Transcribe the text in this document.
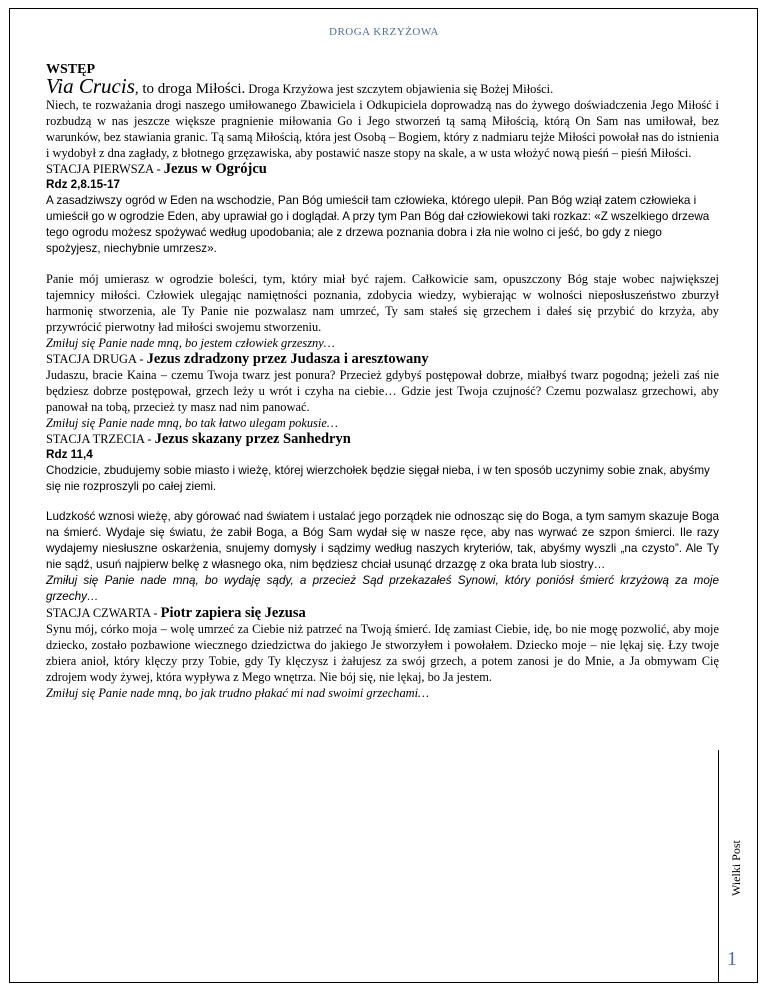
DROGA KRZYŻOWA

WSTĘP

Via Crucis, to droga Miłości. Droga Krzyżowa jest szczytem objawienia się Bożej Miłości.

Niech, te rozważania drogi naszego umiłowanego Zbawiciela i Odkupiciela doprowadzą nas do żywego doświadczenia Jego Miłość i rozbudzą w nas jeszcze większe pragnienie miłowania Go i Jego stworzeń tą samą Miłością, którą On Sam nas umiłował, bez warunków, bez stawiania granic. Tą samą Miłością, która jest Osobą – Bogiem, który z nadmiaru tejże Miłości powołał nas do istnienia i wydobył z dna zagłady, z błotnego grzęzawiska, aby postawić nasze stopy na skale, a w usta włożyć nową pieśń – pieśń Miłości.

STACJA PIERWSZA - Jezus w Ogrójcu

Rdz 2,8.15-17

A zasadziwszy ogród w Eden na wschodzie, Pan Bóg umieścił tam człowieka, którego ulepił. Pan Bóg wziął zatem człowieka i umieścił go w ogrodzie Eden, aby uprawiał go i doglądał. A przy tym Pan Bóg dał człowiekowi taki rozkaz: «Z wszelkiego drzewa tego ogrodu możesz spożywać według upodobania; ale z drzewa poznania dobra i zła nie wolno ci jeść, bo gdy z niego spożyjesz, niechybnie umrzesz».

Panie mój umierasz w ogrodzie boleści, tym, który miał być rajem. Całkowicie sam, opuszczony Bóg staje wobec największej tajemnicy miłości. Człowiek ulegając namiętności poznania, zdobycia wiedzy, wybierając w wolności nieposłuszeństwo zburzył harmonię stworzenia, ale Ty Panie nie pozwalasz nam umrzeć, Ty sam stałeś się grzechem i dałeś się przybić do krzyża, aby przywrócić pierwotny ład miłości swojemu stworzeniu.

Zmiłuj się Panie nade mną, bo jestem człowiek grzeszny…

STACJA DRUGA - Jezus zdradzony przez Judasza i aresztowany

Judaszu, bracie Kaina – czemu Twoja twarz jest ponura? Przecież gdybyś postępował dobrze, miałbyś twarz pogodną; jeżeli zaś nie będziesz dobrze postępował, grzech leży u wrót i czyha na ciebie… Gdzie jest Twoja czujność? Czemu pozwalasz grzechowi, aby panował na tobą, przecież ty masz nad nim panować.

Zmiłuj się Panie nade mną, bo tak łatwo ulegam pokusie…

STACJA TRZECIA - Jezus skazany przez Sanhedryn

Rdz 11,4

Chodzicie, zbudujemy sobie miasto i wieżę, której wierzchołek będzie sięgał nieba, i w ten sposób uczynimy sobie znak, abyśmy się nie rozproszyli po całej ziemi.

Ludzkość wznosi wieżę, aby górować nad światem i ustalać jego porządek nie odnosząc się do Boga, a tym samym skazuje Boga na śmierć. Wydaje się światu, że zabił Boga, a Bóg Sam wydał się w nasze ręce, aby nas wyrwać ze szpon śmierci. Ile razy wydajemy niesłuszne oskarżenia, snujemy domysły i sądzimy według naszych kryteriów, tak, abyśmy wyszli „na czysto”. Ale Ty nie sądź, usuń najpierw belkę z własnego oka, nim będziesz chciał usunąć drzazgę z oka brata lub siostry…

Zmiłuj się Panie nade mną, bo wydaję sądy, a przecież Sąd przekazałeś Synowi, który poniósł śmierć krzyżową za moje grzechy…

STACJA CZWARTA - Piotr zapiera się Jezusa

Synu mój, córko moja – wolę umrzeć za Ciebie niż patrzeć na Twoją śmierć. Idę zamiast Ciebie, idę, bo nie mogę pozwolić, aby moje dziecko, zostało pozbawione wiecznego dziedzictwa do jakiego Je stworzyłem i powołałem. Dziecko moje – nie lękaj się. Łzy twoje zbiera anioł, który klęczy przy Tobie, gdy Ty klęczysz i żałujesz za swój grzech, a potem zanosi je do Mnie, a Ja obmywam Cię zdrojem wody żywej, która wypływa z Mego wnętrza. Nie bój się, nie lękaj, bo Ja jestem.

Zmiłuj się Panie nade mną, bo jak trudno płakać mi nad swoimi grzechami…

Wielki Post
1
